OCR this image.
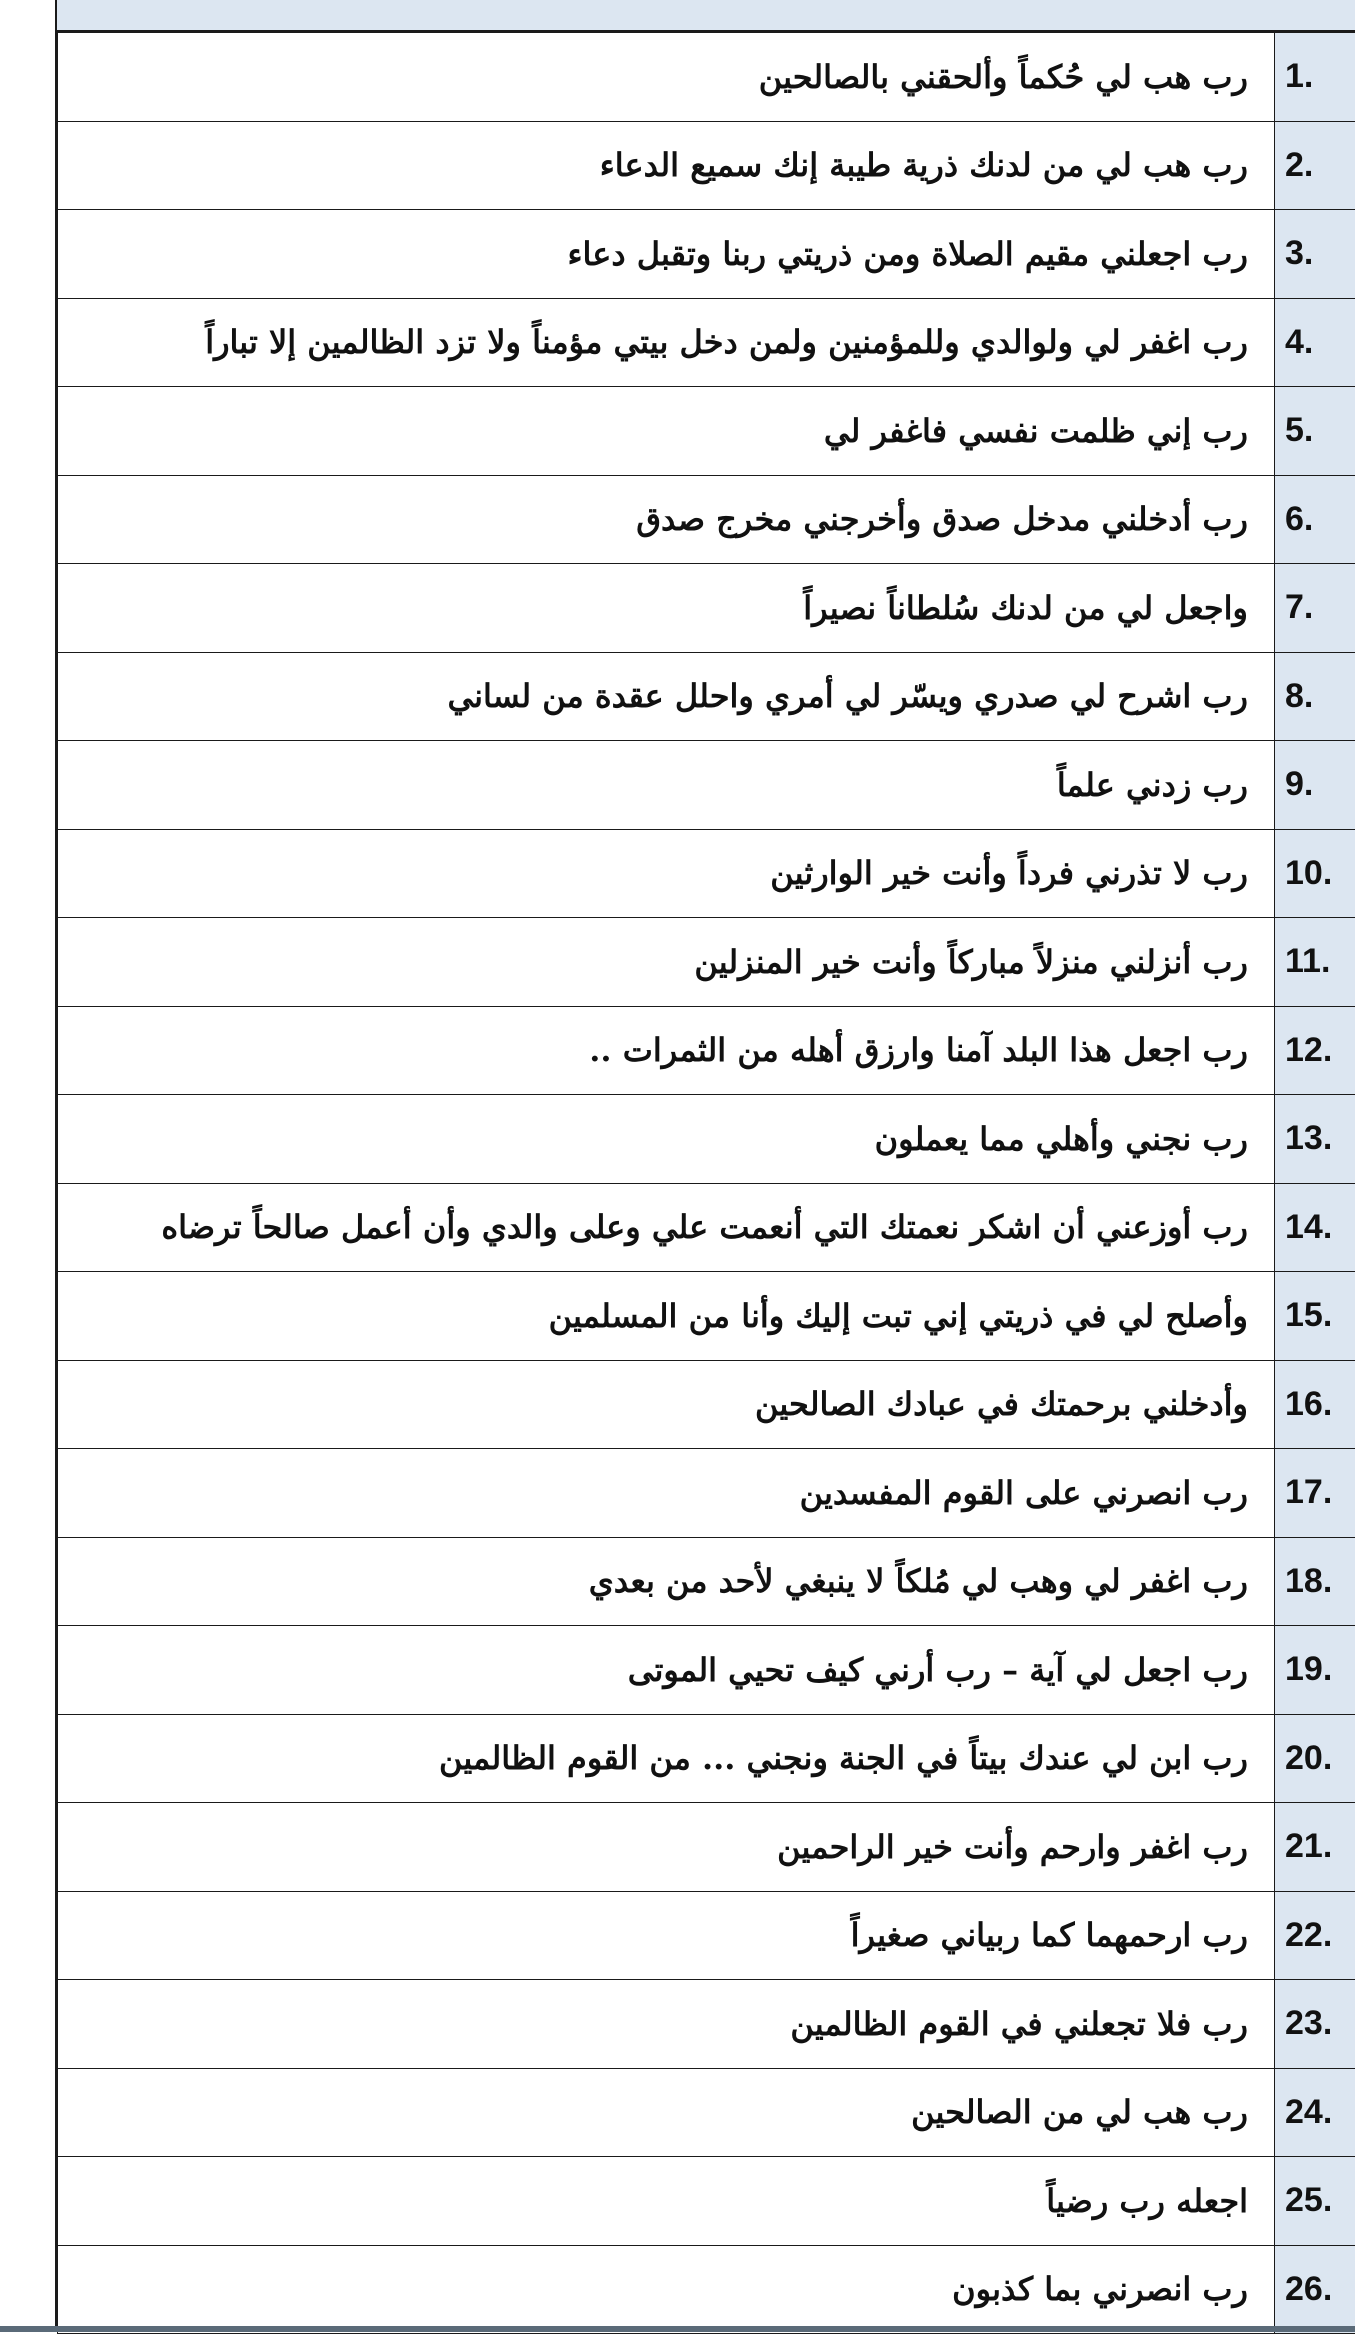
رب هب لي حُكماً وألحقني بالصالحين	1.	
رب هب لي من لدنك ذرية طيبة إنك سميع الدعاء	2.	
رب اجعلني مقيم الصلاة ومن ذريتي ربنا وتقبل دعاء	3.	
رب اغفر لي ولوالدي وللمؤمنين ولمن دخل بيتي مؤمناً ولا تزد الظالمين إلا تباراً	4.	
رب إني ظلمت نفسي فاغفر لي	5.	
رب أدخلني مدخل صدق وأخرجني مخرج صدق	6.	
واجعل لي من لدنك سُلطاناً نصيراً	7.	
رب اشرح لي صدري ويسّر لي أمري واحلل عقدة من لساني	8.	
رب زدني علماً	9.	
رب لا تذرني فرداً وأنت خير الوارثين	10.	
رب أنزلني منزلاً مباركاً وأنت خير المنزلين	11.	
رب اجعل هذا البلد آمنا وارزق أهله من الثمرات ..	12.	
رب نجني وأهلي مما يعملون	13.	
رب أوزعني أن اشكر نعمتك التي أنعمت علي وعلى والدي وأن أعمل صالحاً ترضاه	14.	
وأصلح لي في ذريتي إني تبت إليك وأنا من المسلمين	15.	
وأدخلني برحمتك في عبادك الصالحين	16.	
رب انصرني على القوم المفسدين	17.	
رب اغفر لي وهب لي مُلكاً لا ينبغي لأحد من بعدي	18.	
رب اجعل لي آية – رب أرني كيف تحيي الموتى	19.	
رب ابن لي عندك بيتاً في الجنة ونجني ... من القوم الظالمين	20.	
رب اغفر وارحم وأنت خير الراحمين	21.	
رب ارحمهما كما ربياني صغيراً	22.	
رب فلا تجعلني في القوم الظالمين	23.	
رب هب لي من الصالحين	24.	
اجعله رب رضياً	25.	
رب انصرني بما كذبون	26.	
